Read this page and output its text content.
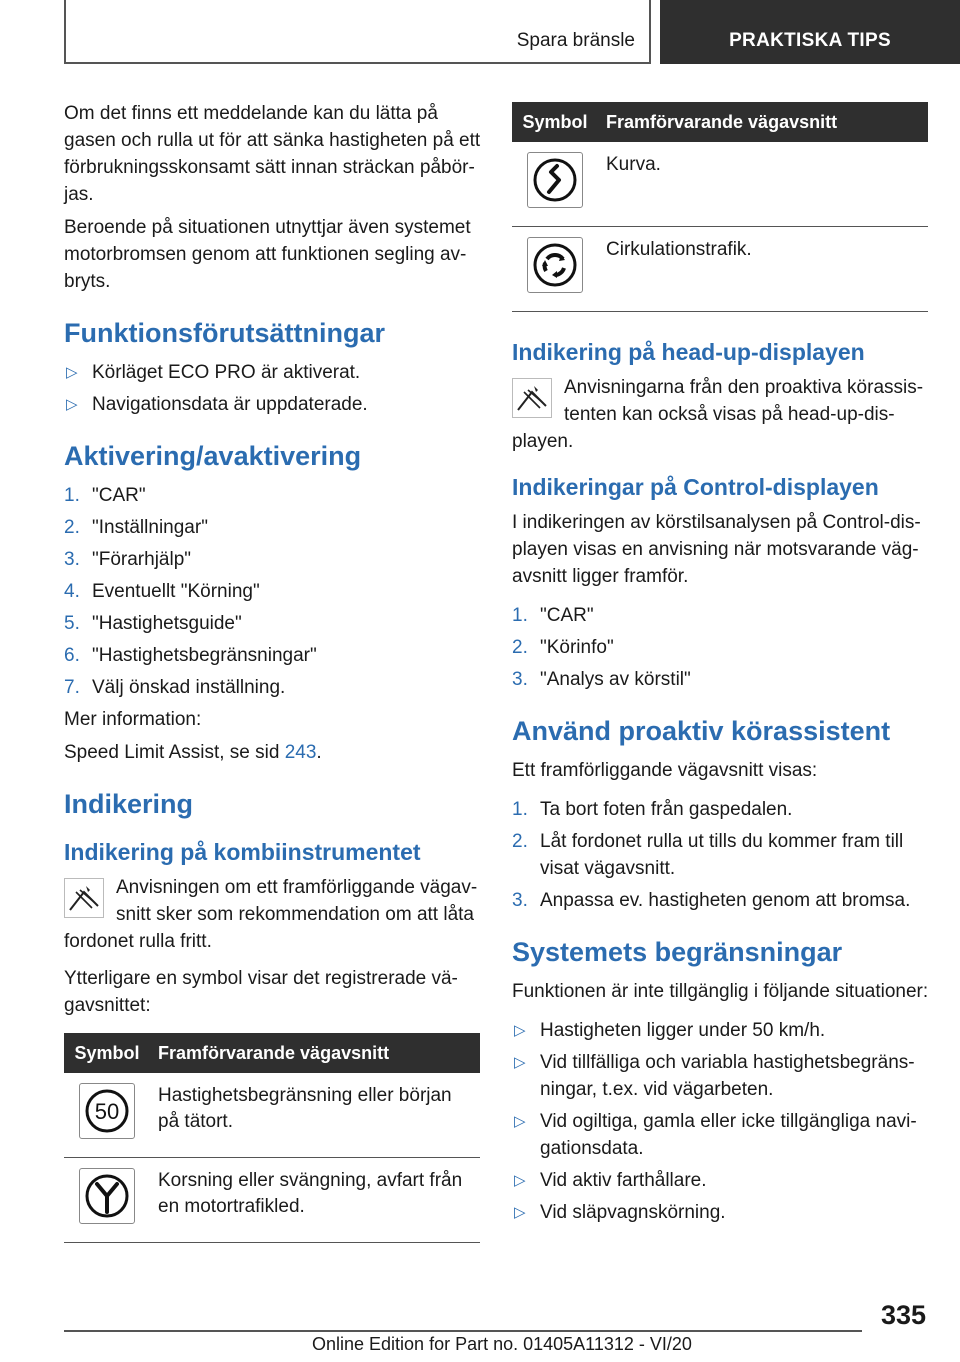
Spara bränsle	PRAKTISKA TIPS

Om det finns ett meddelande kan du lätta på gasen och rulla ut för att sänka hastigheten på ett förbrukningsskonsamt sätt innan sträckan påbör-jas.

Beroende på situationen utnyttjar även systemet motorbromsen genom att funktionen segling av-bryts.

Funktionsförutsättningar
▷ Körläget ECO PRO är aktiverat.
▷ Navigationsdata är uppdaterade.
Aktivering/avaktivering
1. "CAR"
2. "Inställningar"
3. "Förarhjälp"
4. Eventuellt "Körning"
5. "Hastighetsguide"
6. "Hastighetsbegränsningar"
7. Välj önskad inställning.

Mer information:

Speed Limit Assist, se sid 243.

Indikering
Indikering på kombiinstrumentet
Anvisningen om ett framförliggande vägav-snitt sker som rekommendation om att låta

fordonet rulla fritt.

Ytterligare en symbol visar det registrerade vä-gavsnittet:

Symbol	Framförvarande vägavsnitt

50	Hastighetsbegränsning eller början på tätort.

	Korsning eller svängning, avfart från en motortrafikled.
Symbol	Framförvarande vägavsnitt

	Kurva.

	Cirkulationstrafik.
Indikering på head-up-displayen
Anvisningarna från den proaktiva körassis-tenten kan också visas på head-up-dis-

playen.

Indikeringar på Control-displayen

I indikeringen av körstilsanalysen på Control-dis-playen visas en anvisning när motsvarande väg-avsnitt ligger framför.

1. "CAR"
2. "Körinfo"
3. "Analys av körstil"
Använd proaktiv körassistent

Ett framförliggande vägavsnitt visas:

1. Ta bort foten från gaspedalen.
2. Låt fordonet rulla ut tills du kommer fram till visat vägavsnitt.
3. Anpassa ev. hastigheten genom att bromsa.
Systemets begränsningar

Funktionen är inte tillgänglig i följande situationer:

▷ Hastigheten ligger under 50 km/h.
▷ Vid tillfälliga och variabla hastighetsbegräns-ningar, t.ex. vid vägarbeten.
▷ Vid ogiltiga, gamla eller icke tillgängliga navi-gationsdata.
▷ Vid aktiv farthållare.
▷ Vid släpvagnskörning.
335
Online Edition for Part no. 01405A11312 - VI/20
